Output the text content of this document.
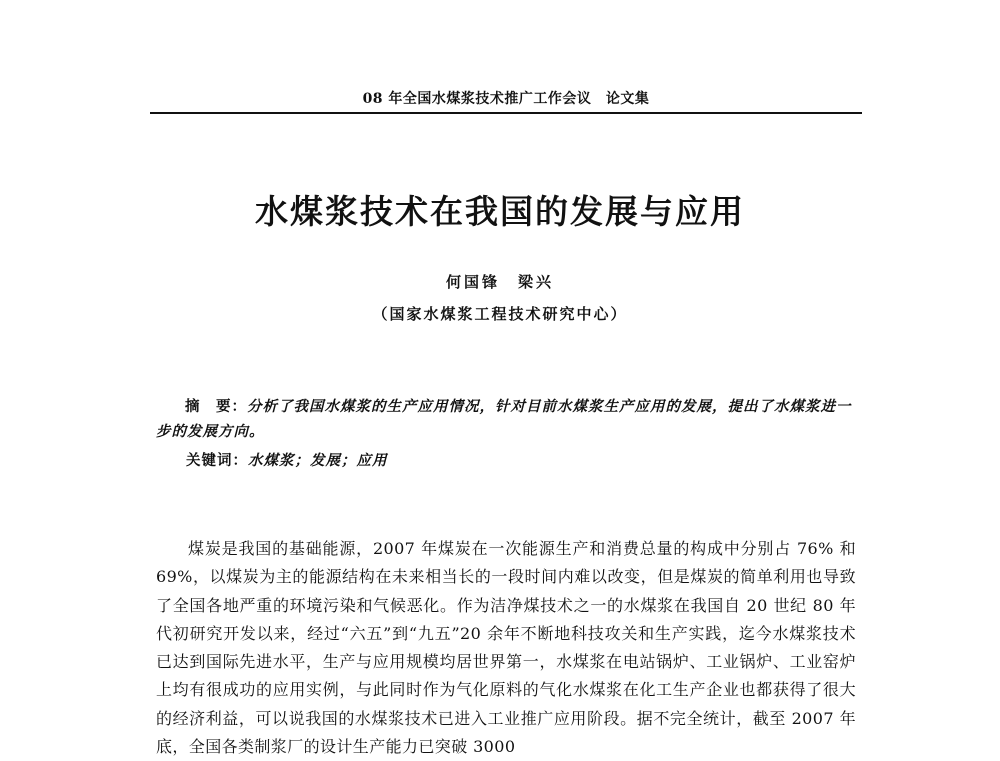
08 年全国水煤浆技术推广工作会议　论文集
水煤浆技术在我国的发展与应用
何国锋　梁兴
（国家水煤浆工程技术研究中心）
摘　要：分析了我国水煤浆的生产应用情况，针对目前水煤浆生产应用的发展，提出了水煤浆进一步的发展方向。
关键词：水煤浆；发展；应用
煤炭是我国的基础能源，2007 年煤炭在一次能源生产和消费总量的构成中分别占 76% 和 69%，以煤炭为主的能源结构在未来相当长的一段时间内难以改变，但是煤炭的简单利用也导致了全国各地严重的环境污染和气候恶化。作为洁净煤技术之一的水煤浆在我国自 20 世纪 80 年代初研究开发以来，经过“六五”到“九五”20 余年不断地科技攻关和生产实践，迄今水煤浆技术已达到国际先进水平，生产与应用规模均居世界第一，水煤浆在电站锅炉、工业锅炉、工业窑炉上均有很成功的应用实例，与此同时作为气化原料的气化水煤浆在化工生产企业也都获得了很大的经济利益，可以说我国的水煤浆技术已进入工业推广应用阶段。据不完全统计，截至 2007 年底，全国各类制浆厂的设计生产能力已突破 3000
